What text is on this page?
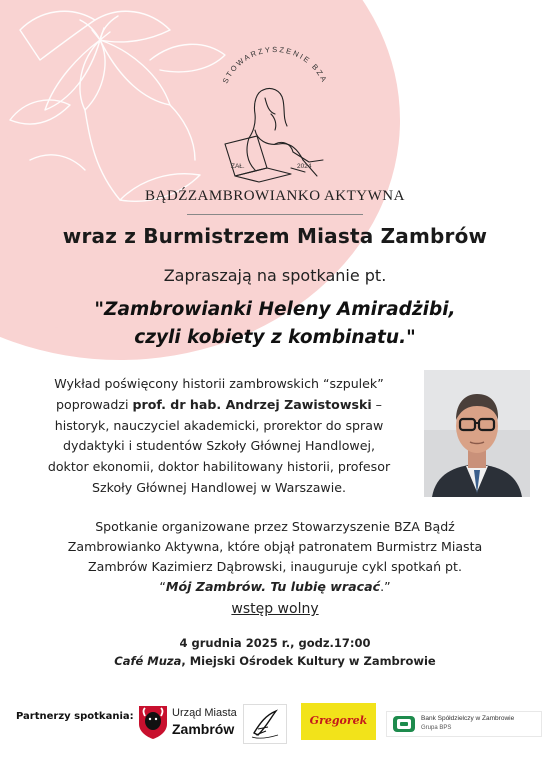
STOWARZYSZENIE BZA
ZAŁ.	2024
BĄDŹZAMBROWIANKO AKTYWNA
wraz z Burmistrzem Miasta Zambrów
Zapraszają na spotkanie pt.
"Zambrowianki Heleny Amiradżibi,
czyli kobiety z kombinatu."
Wykład poświęcony historii zambrowskich “szpulek”
poprowadzi prof. dr hab. Andrzej Zawistowski –
historyk, nauczyciel akademicki, prorektor do spraw
dydaktyki i studentów Szkoły Głównej Handlowej,
doktor ekonomii, doktor habilitowany historii, profesor
Szkoły Głównej Handlowej w Warszawie.
Spotkanie organizowane przez Stowarzyszenie BZA Bądź
Zambrowianko Aktywna, które objął patronatem Burmistrz Miasta
Zambrów Kazimierz Dąbrowski, inauguruje cykl spotkań pt.
“Mój Zambrów. Tu lubię wracać.”
wstęp wolny
4 grudnia 2025 r., godz.17:00
Café Muza, Miejski Ośrodek Kultury w Zambrowie
Partnerzy spotkania:	Urząd Miasta
Zambrów
Gregorek	Bank Spółdzielczy w Zambrowie
Grupa BPS
